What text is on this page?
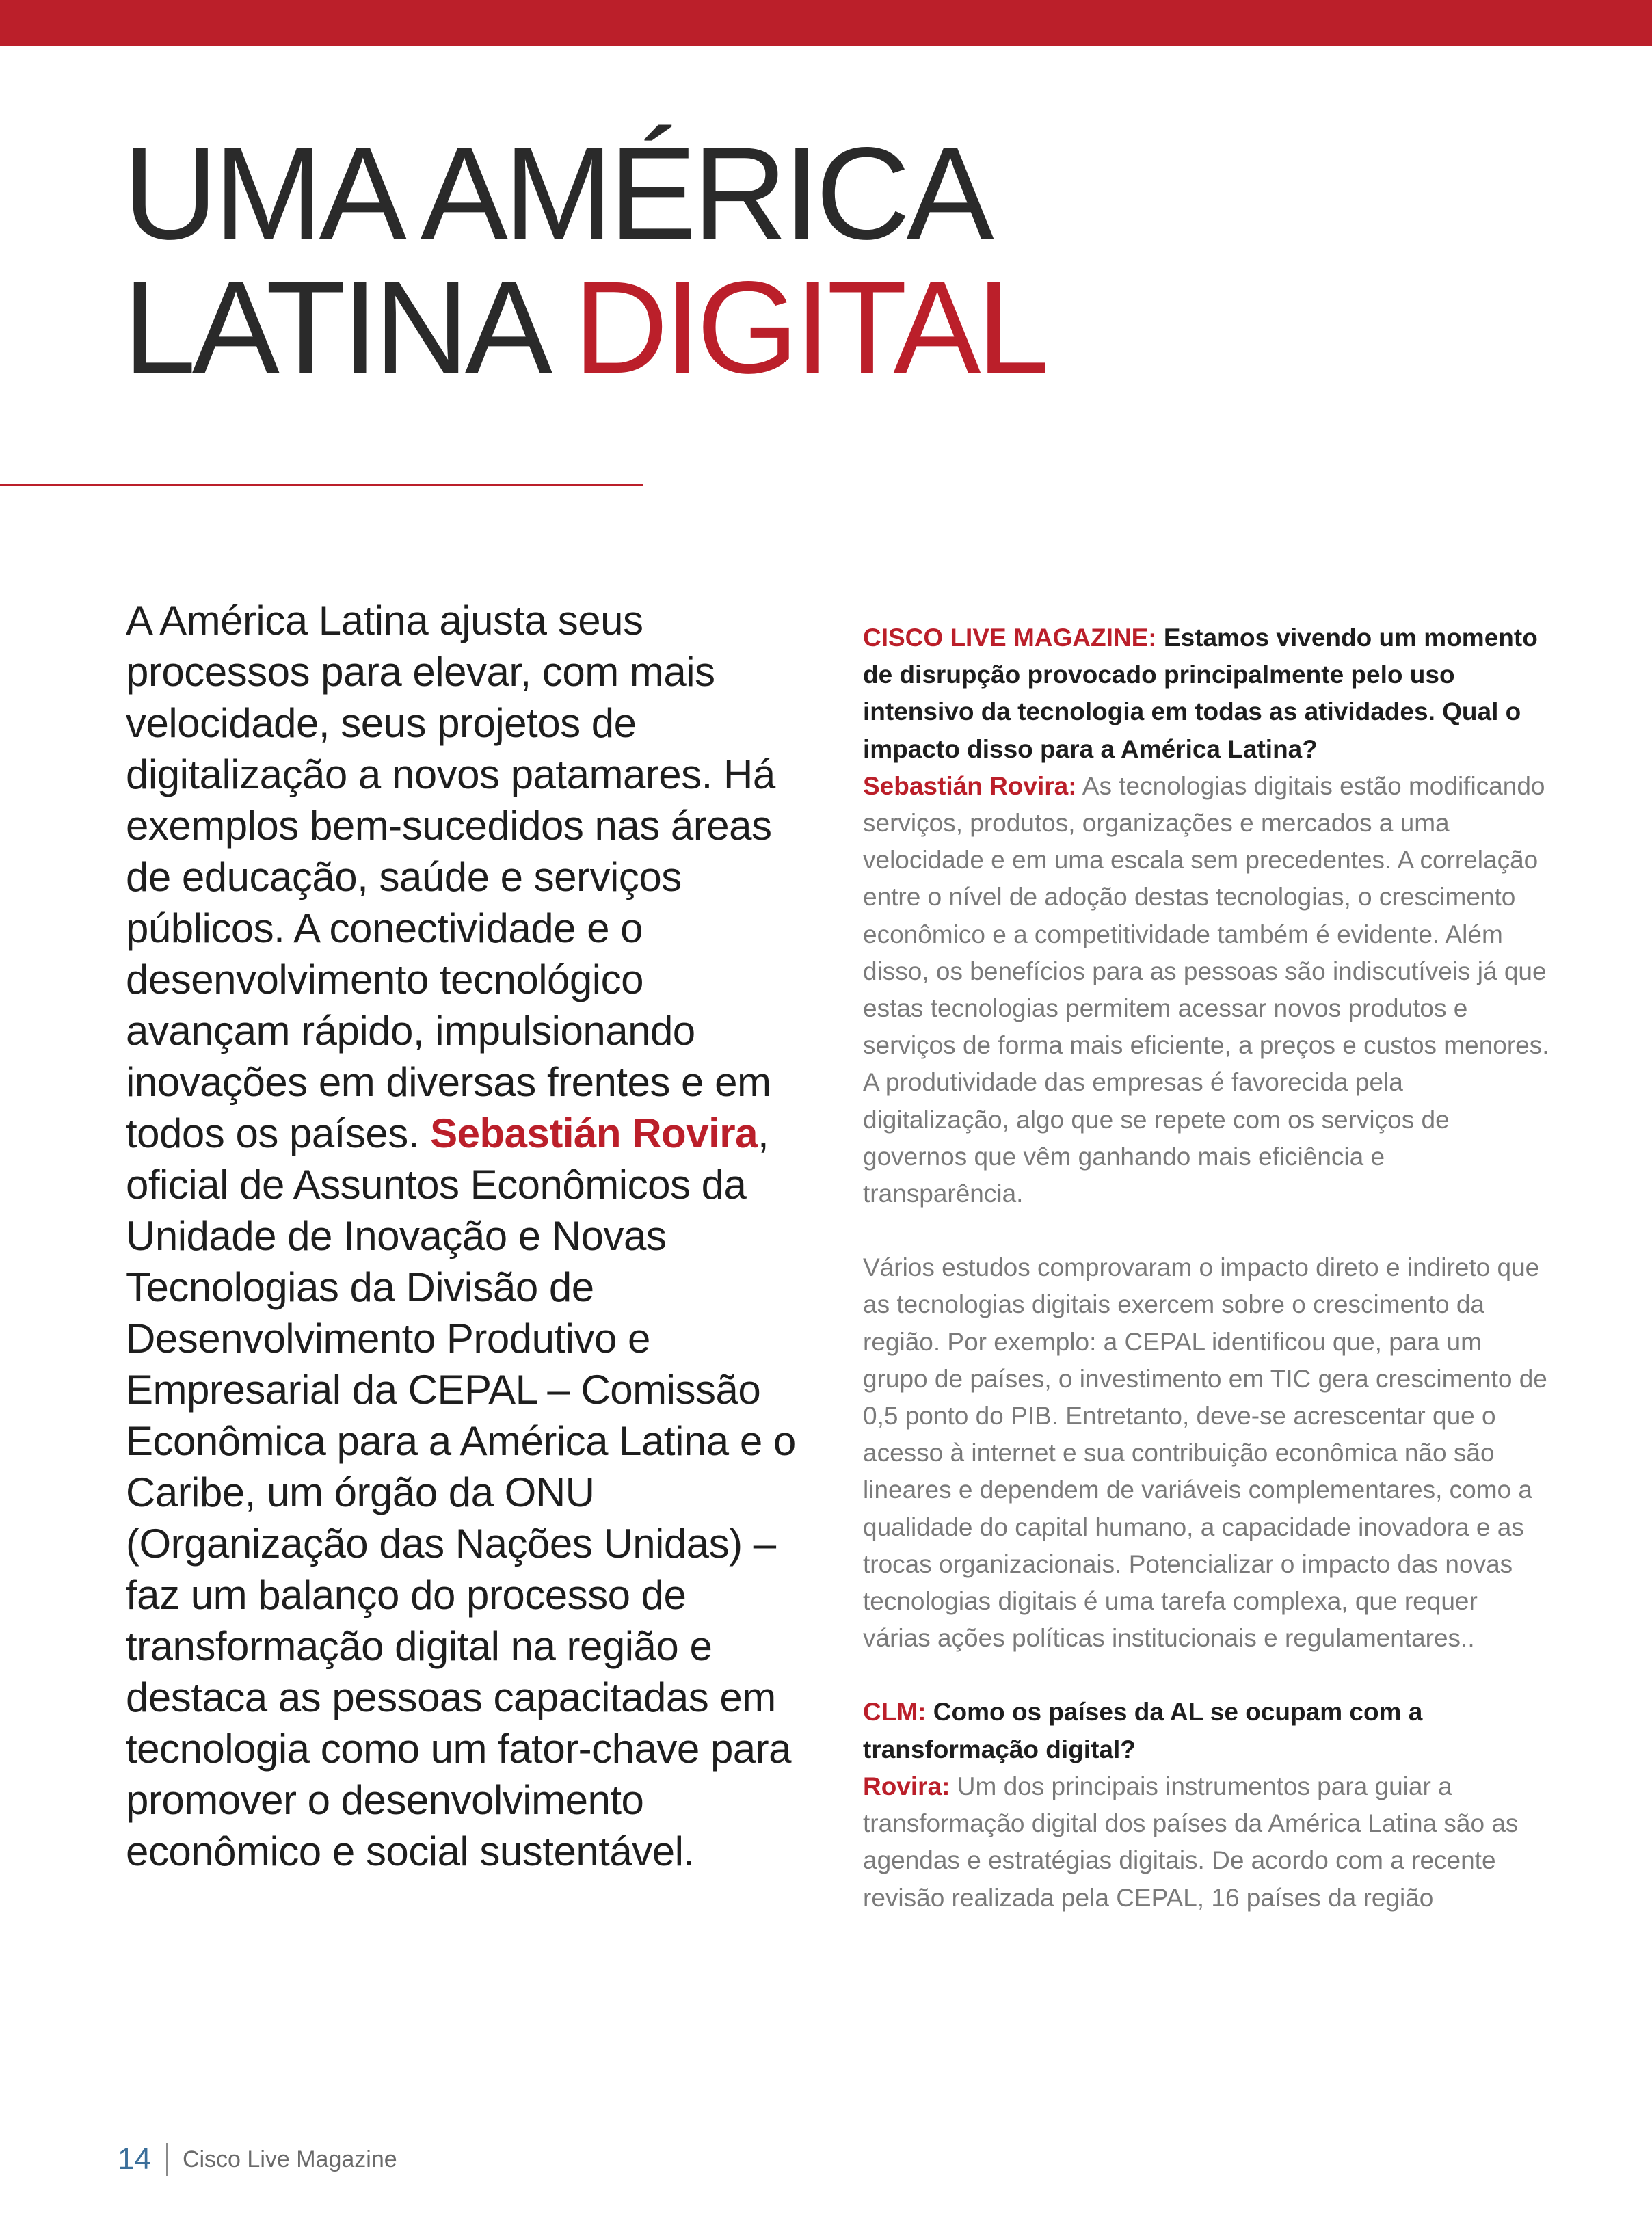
UMA AMÉRICA
LATINA DIGITAL

A América Latina ajusta seus processos para elevar, com mais velocidade, seus projetos de digitalização a novos patamares. Há exemplos bem-sucedidos nas áreas de educação, saúde e serviços públicos. A conectividade e o desenvolvimento tecnológico avançam rápido, impulsionando inovações em diversas frentes e em todos os países. Sebastián Rovira, oficial de Assuntos Econômicos da Unidade de Inovação e Novas Tecnologias da Divisão de Desenvolvimento Produtivo e Empresarial da CEPAL – Comissão Econômica para a América Latina e o Caribe, um órgão da ONU (Organização das Nações Unidas) – faz um balanço do processo de transformação digital na região e destaca as pessoas capacitadas em tecnologia como um fator-chave para promover o desenvolvimento econômico e social sustentável.

CISCO LIVE MAGAZINE: Estamos vivendo um momento de disrupção provocado principalmente pelo uso intensivo da tecnologia em todas as atividades. Qual o impacto disso para a América Latina?

Sebastián Rovira: As tecnologias digitais estão modificando serviços, produtos, organizações e mercados a uma velocidade e em uma escala sem precedentes. A correlação entre o nível de adoção destas tecnologias, o crescimento econômico e a competitividade também é evidente. Além disso, os benefícios para as pessoas são indiscutíveis já que estas tecnologias permitem acessar novos produtos e serviços de forma mais eficiente, a preços e custos menores. A produtividade das empresas é favorecida pela digitalização, algo que se repete com os serviços de governos que vêm ganhando mais eficiência e transparência.

Vários estudos comprovaram o impacto direto e indireto que as tecnologias digitais exercem sobre o crescimento da região. Por exemplo: a CEPAL identificou que, para um grupo de países, o investimento em TIC gera crescimento de 0,5 ponto do PIB. Entretanto, deve-se acrescentar que o acesso à internet e sua contribuição econômica não são lineares e dependem de variáveis complementares, como a qualidade do capital humano, a capacidade inovadora e as trocas organizacionais. Potencializar o impacto das novas tecnologias digitais é uma tarefa complexa, que requer várias ações políticas institucionais e regulamentares..

CLM: Como os países da AL se ocupam com a transformação digital?

Rovira: Um dos principais instrumentos para guiar a transformação digital dos países da América Latina são as agendas e estratégias digitais. De acordo com a recente revisão realizada pela CEPAL, 16 países da região

14 Cisco Live Magazine
